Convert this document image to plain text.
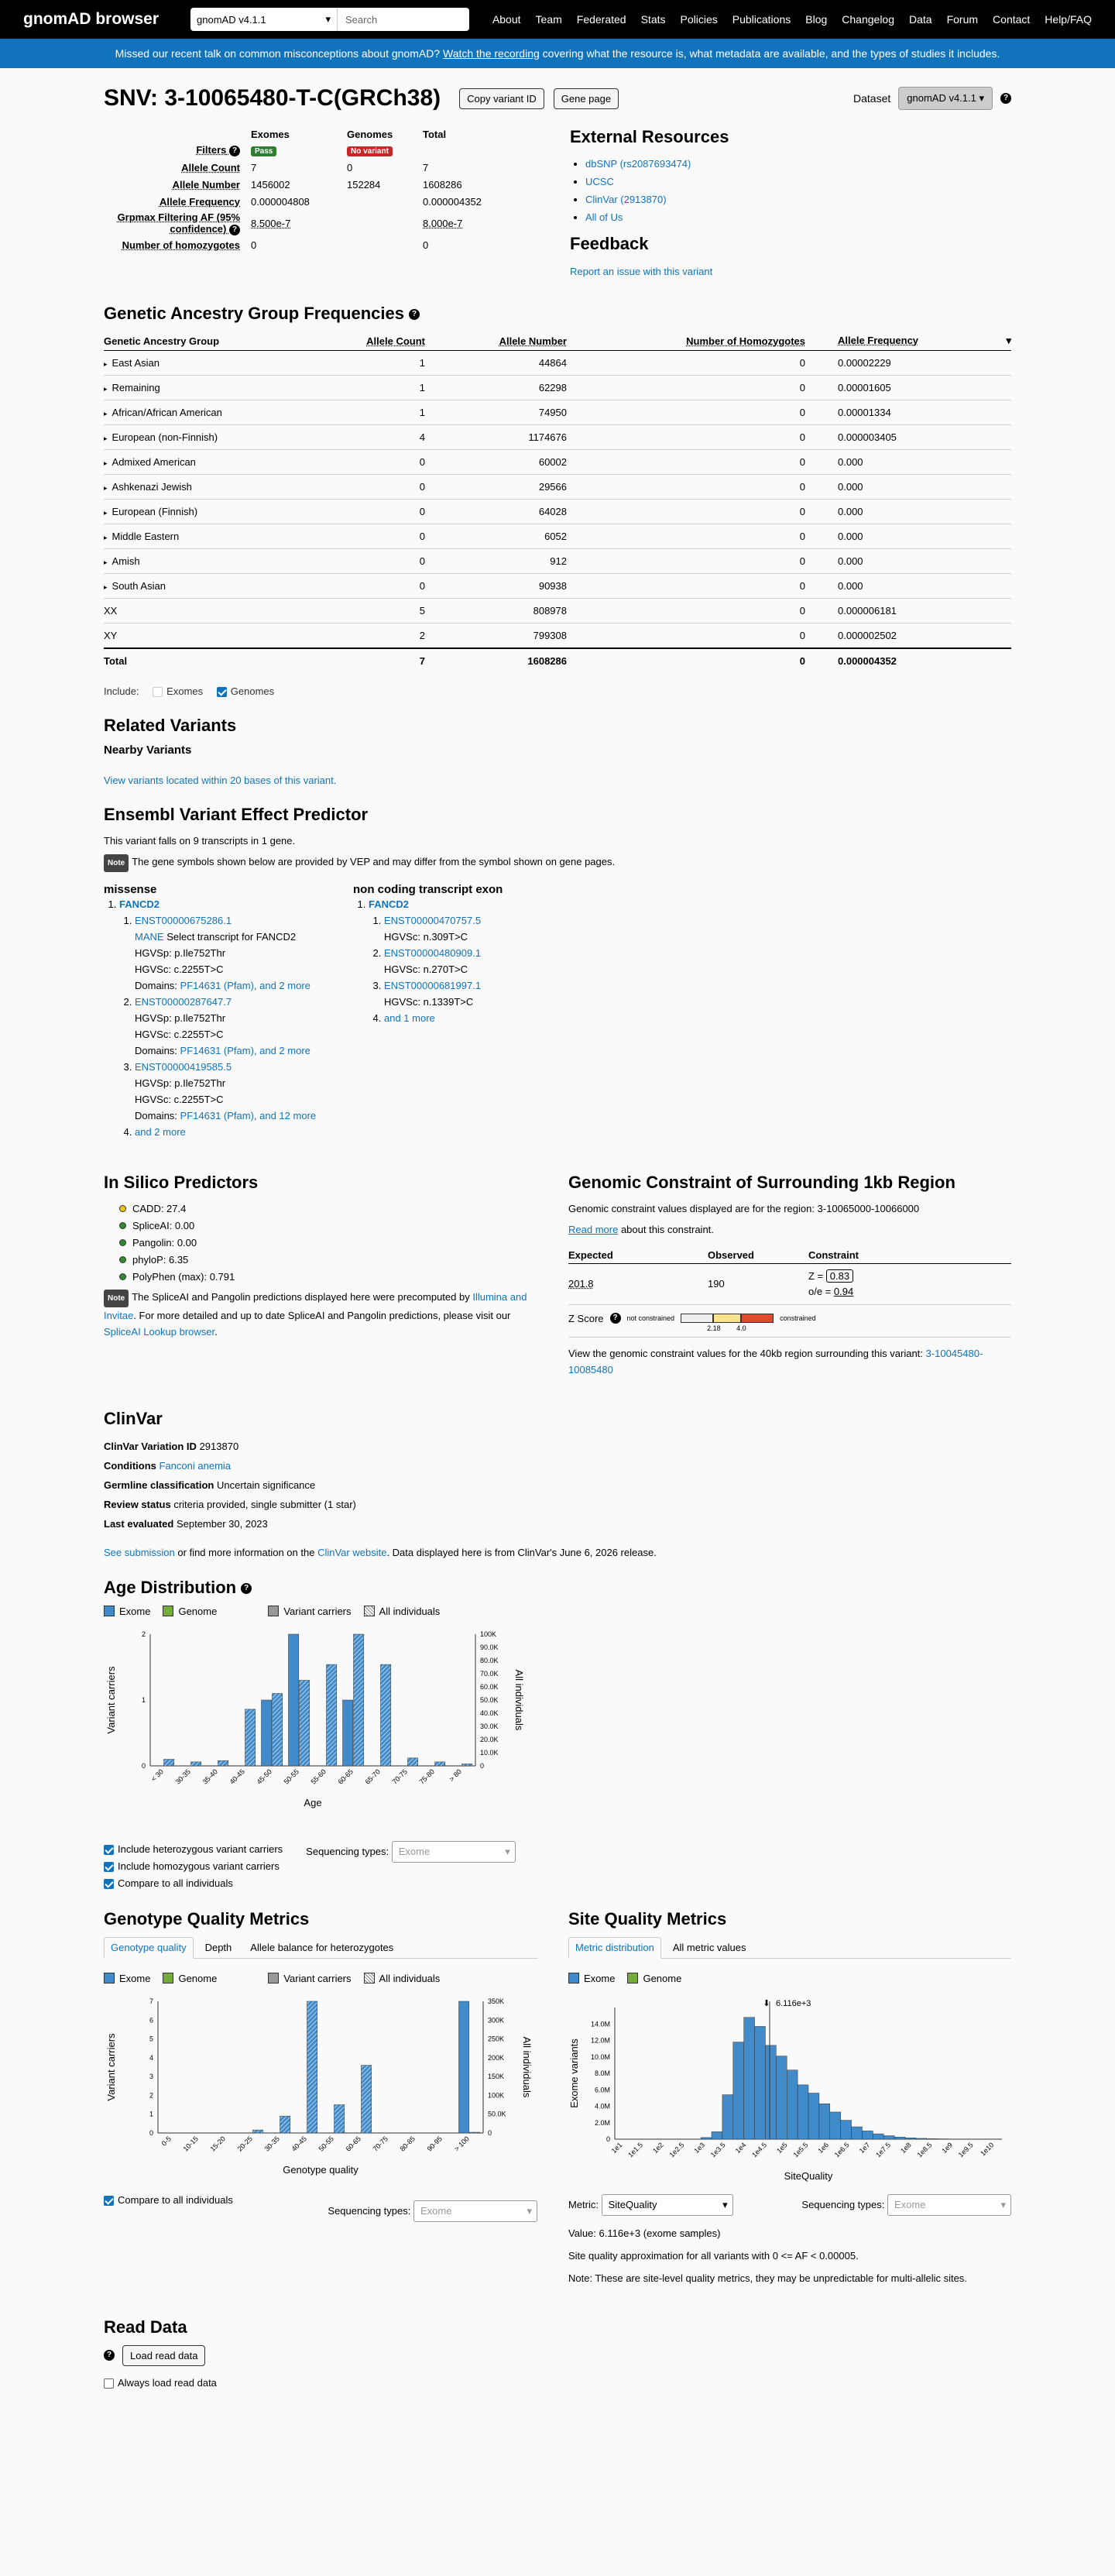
gnomAD browser	gnomAD v4.1.1	▾	Search	About Team Federated Stats Policies Publications Blog Changelog Data Forum Contact Help/FAQ
Missed our recent talk on common misconceptions about gnomAD? Watch the recording covering what the resource is, what metadata are available, and the types of studies it includes.
SNV: 3-10065480-T-C(GRCh38)	Copy variant ID	Gene page	Dataset	gnomAD v4.1.1 ▾	?
	Exomes	Genomes	Total
Filters ?	Pass	No variant	
Allele Count	7	0	7
Allele Number	1456002	152284	1608286
Allele Frequency	0.000004808		0.000004352
Grpmax Filtering AF (95% confidence) ?	8.500e-7		8.000e-7
Number of homozygotes	0		0
External Resources
• dbSNP (rs2087693474)
• UCSC
• ClinVar (2913870)
• All of Us
Feedback
Report an issue with this variant
Genetic Ancestry Group Frequencies ?
Genetic Ancestry Group	Allele Count	Allele Number	Number of Homozygotes	Allele Frequency ▾

▸ East Asian	1	44864	0	0.00002229
▸ Remaining	1	62298	0	0.00001605
▸ African/African American	1	74950	0	0.00001334
▸ European (non-Finnish)	4	1174676	0	0.000003405
▸ Admixed American	0	60002	0	0.000
▸ Ashkenazi Jewish	0	29566	0	0.000
▸ European (Finnish)	0	64028	0	0.000
▸ Middle Eastern	0	6052	0	0.000
▸ Amish	0	912	0	0.000
▸ South Asian	0	90938	0	0.000
XX	5	808978	0	0.000006181
XY	2	799308	0	0.000002502
Total	7	1608286	0	0.000004352
Include:	Exomes	Genomes
Related Variants
Nearby Variants
View variants located within 20 bases of this variant.
Ensembl Variant Effect Predictor
This variant falls on 9 transcripts in 1 gene.
Note The gene symbols shown below are provided by VEP and may differ from the symbol shown on gene pages.
missense
1. FANCD2
1. ENST00000675286.1
MANE Select transcript for FANCD2
HGVSp: p.Ile752Thr
HGVSc: c.2255T>C
Domains: PF14631 (Pfam), and 2 more
2. ENST00000287647.7
HGVSp: p.Ile752Thr
HGVSc: c.2255T>C
Domains: PF14631 (Pfam), and 2 more
3. ENST00000419585.5
HGVSp: p.Ile752Thr
HGVSc: c.2255T>C
Domains: PF14631 (Pfam), and 12 more
4. and 2 more
non coding transcript exon
1. FANCD2
1. ENST00000470757.5
HGVSc: n.309T>C
2. ENST00000480909.1
HGVSc: n.270T>C
3. ENST00000681997.1
HGVSc: n.1339T>C
4. and 1 more
In Silico Predictors
CADD: 27.4
SpliceAI: 0.00
Pangolin: 0.00
phyloP: 6.35
PolyPhen (max): 0.791
Note The SpliceAI and Pangolin predictions displayed here were precomputed by Illumina and Invitae. For more detailed and up to date SpliceAI and Pangolin predictions, please visit our SpliceAI Lookup browser.
Genomic Constraint of Surrounding 1kb Region
Genomic constraint values displayed are for the region: 3-10065000-10066000
Read more about this constraint.
Expected	Observed	Constraint
201.8	190	Z = 0.83
o/e = 0.94
Z Score	?	not constrained
2.18 4.0
constrained
View the genomic constraint values for the 40kb region surrounding this variant: 3-10045480-10085480
ClinVar
ClinVar Variation ID 2913870
Conditions Fanconi anemia
Germline classification Uncertain significance
Review status criteria provided, single submitter (1 star)
Last evaluated September 30, 2023
See submission or find more information on the ClinVar website. Data displayed here is from ClinVar's June 6, 2026 release.
Age Distribution ?
Exome	Genome	Variant carriers	All individuals
0
1
2
0
10.0K
20.0K
30.0K
40.0K
50.0K
60.0K
70.0K
80.0K
90.0K
100K
< 30 30-35 35-40 40-45 45-50 50-55 55-60 60-65 65-70 70-75 75-80 > 80
Age
Variant carriers	All individuals
Include heterozygous variant carriers
Include homozygous variant carriers
Compare to all individuals
Sequencing types: Exome	▾
Genotype Quality Metrics
Genotype quality	Depth	Allele balance for heterozygotes
Exome	Genome	Variant carriers	All individuals
0
1
2
3
4
5
6
7
0
50.0K
100K
150K
200K
250K
300K
350K
0-5 10-15 15-20 20-25 30-35 40-45 50-55 60-65 70-75 80-85 90-95 > 100
Genotype quality
Variant carriers	All individuals
Compare to all individuals
Sequencing types: Exome	▾
Site Quality Metrics
Metric distribution	All metric values
Exome	Genome
0
2.0M
4.0M
6.0M
8.0M
10.0M
12.0M
14.0M
1e1 1e1.5 1e2 1e2.5 1e3 1e3.5 1e4 1e4.5 1e5 1e5.5 1e6 1e6.5 1e7 1e7.5 1e8 1e8.5 1e9 1e9.5 1e10
⬇ 6.116e+3
SiteQuality
Exome variants
Metric: SiteQuality	▾	Sequencing types: Exome	▾
Value: 6.116e+3 (exome samples)
Site quality approximation for all variants with 0 <= AF < 0.00005.
Note: These are site-level quality metrics, they may be unpredictable for multi-allelic sites.
Read Data
?	Load read data
Always load read data
